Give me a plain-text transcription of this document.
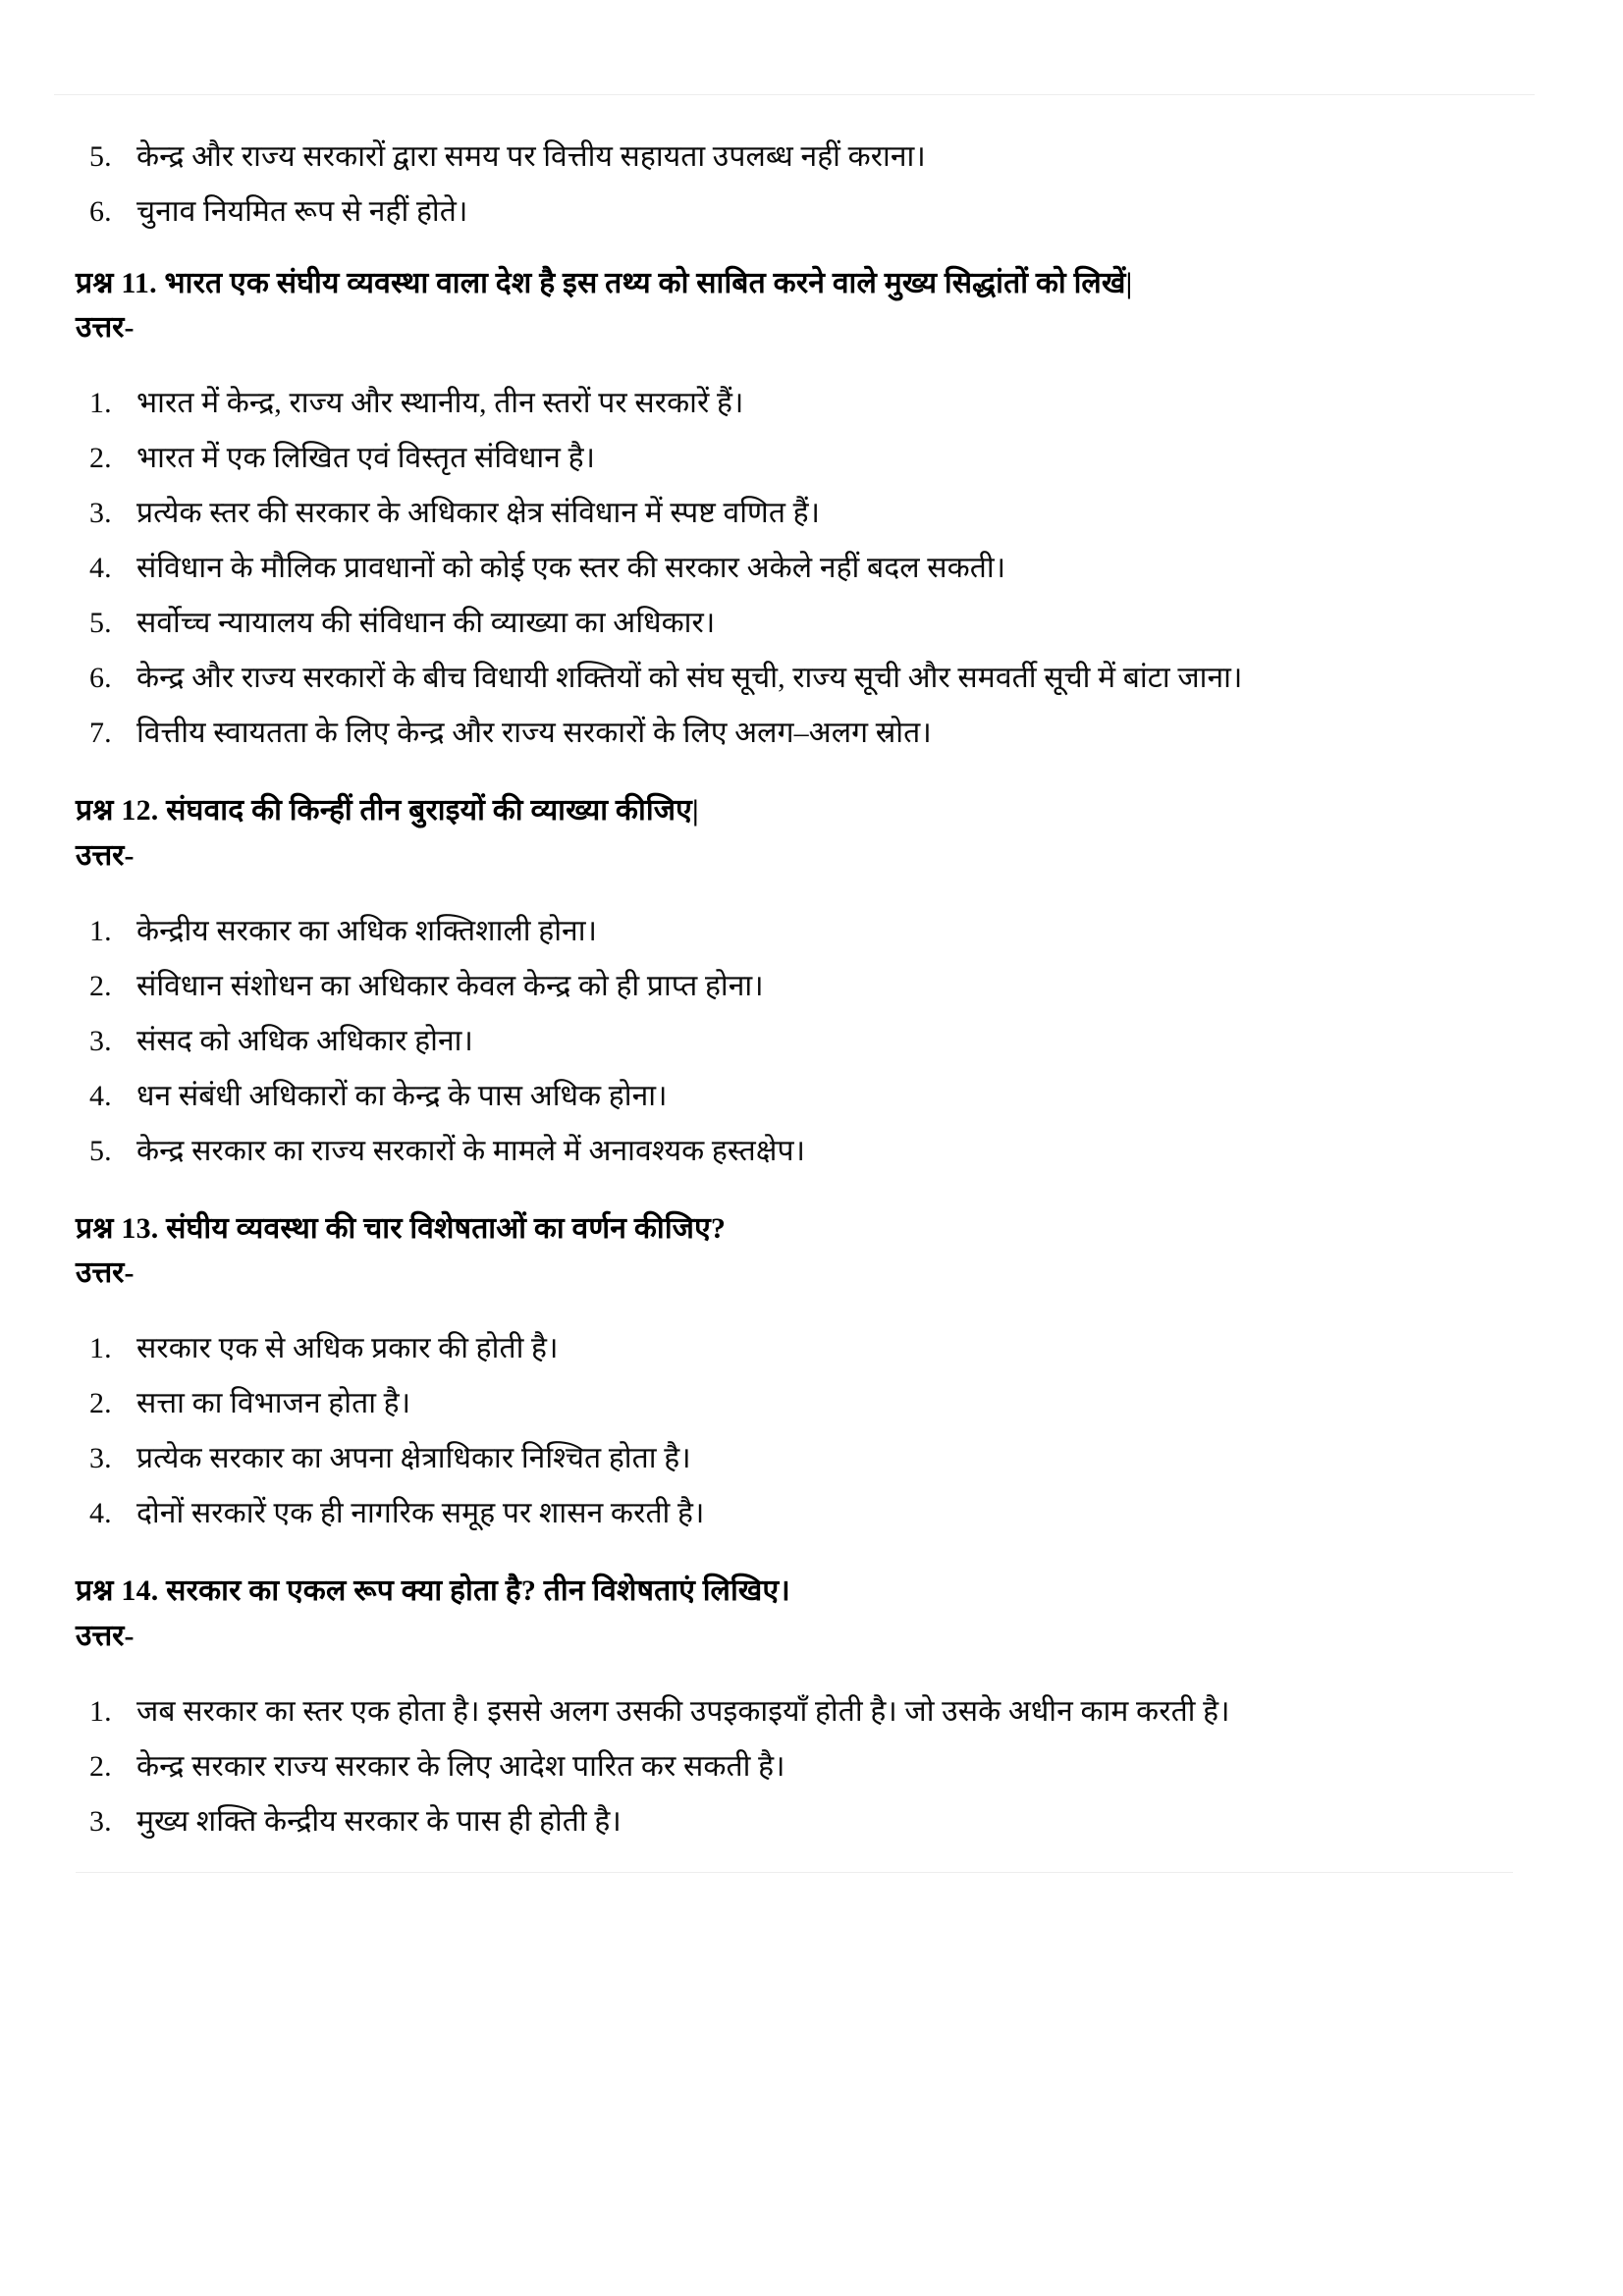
5. केन्द्र और राज्य सरकारों द्वारा समय पर वित्तीय सहायता उपलब्ध नहीं कराना।
6. चुनाव नियमित रूप से नहीं होते।

प्रश्न 11. भारत एक संघीय व्यवस्था वाला देश है इस तथ्य को साबित करने वाले मुख्य सिद्धांतों को लिखें|

उत्तर-

1. भारत में केन्द्र, राज्य और स्थानीय, तीन स्तरों पर सरकारें हैं।
2. भारत में एक लिखित एवं विस्तृत संविधान है।
3. प्रत्येक स्तर की सरकार के अधिकार क्षेत्र संविधान में स्पष्ट वणित हैं।
4. संविधान के मौलिक प्रावधानों को कोई एक स्तर की सरकार अकेले नहीं बदल सकती।
5. सर्वोच्च न्यायालय की संविधान की व्याख्या का अधिकार।
6. केन्द्र और राज्य सरकारों के बीच विधायी शक्तियों को संघ सूची, राज्य सूची और समवर्ती सूची में बांटा जाना।
7. वित्तीय स्वायतता के लिए केन्द्र और राज्य सरकारों के लिए अलग–अलग स्रोत।

प्रश्न 12. संघवाद की किन्हीं तीन बुराइयों की व्याख्या कीजिए|

उत्तर-

1. केन्द्रीय सरकार का अधिक शक्तिशाली होना।
2. संविधान संशोधन का अधिकार केवल केन्द्र को ही प्राप्त होना।
3. संसद को अधिक अधिकार होना।
4. धन संबंधी अधिकारों का केन्द्र के पास अधिक होना।
5. केन्द्र सरकार का राज्य सरकारों के मामले में अनावश्यक हस्तक्षेप।

प्रश्न 13. संघीय व्यवस्था की चार विशेषताओं का वर्णन कीजिए?

उत्तर-

1. सरकार एक से अधिक प्रकार की होती है।
2. सत्ता का विभाजन होता है।
3. प्रत्येक सरकार का अपना क्षेत्राधिकार निश्चित होता है।
4. दोनों सरकारें एक ही नागरिक समूह पर शासन करती है।

प्रश्न 14. सरकार का एकल रूप क्या होता है? तीन विशेषताएं लिखिए।

उत्तर-

1. जब सरकार का स्तर एक होता है। इससे अलग उसकी उपइकाइयाँ होती है। जो उसके अधीन काम करती है।
2. केन्द्र सरकार राज्य सरकार के लिए आदेश पारित कर सकती है।
3. मुख्य शक्ति केन्द्रीय सरकार के पास ही होती है।
